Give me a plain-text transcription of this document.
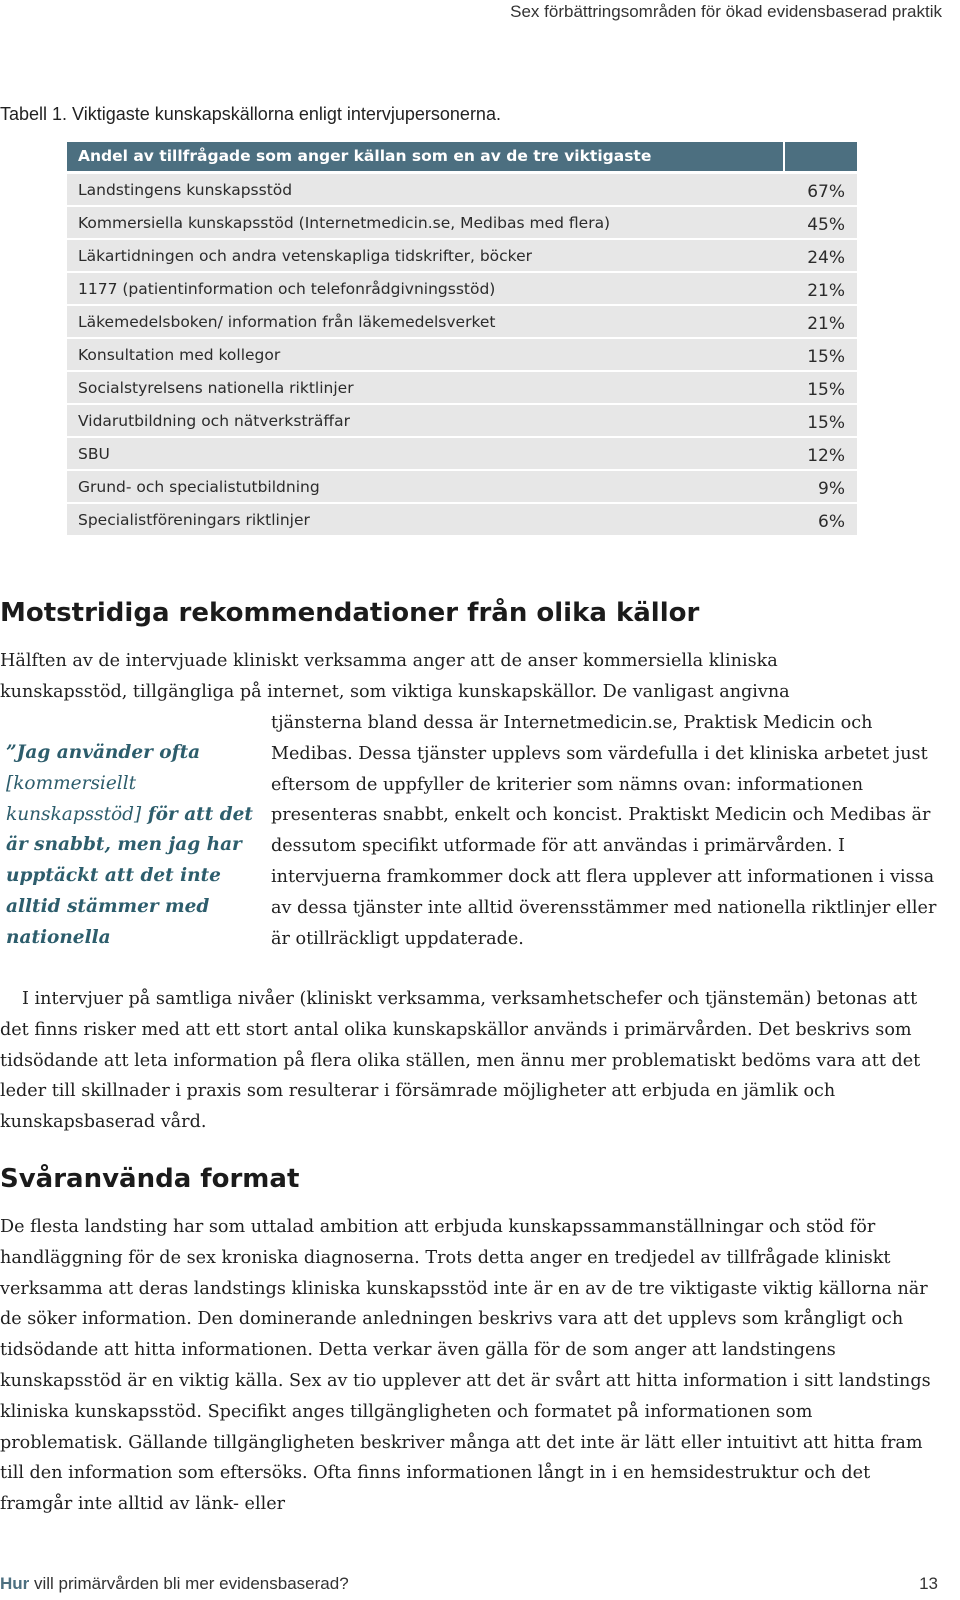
Sex förbättringsområden för ökad evidensbaserad praktik
Tabell 1. Viktigaste kunskapskällorna enligt intervjupersonerna.
Andel av tillfrågade som anger källan som en av de tre viktigaste
Landstingens kunskapsstöd	67%
Kommersiella kunskapsstöd (Internetmedicin.se, Medibas med flera)	45%
Läkartidningen och andra vetenskapliga tidskrifter, böcker	24%
1177 (patientinformation och telefonrådgivningsstöd)	21%
Läkemedelsboken/ information från läkemedelsverket	21%
Konsultation med kollegor	15%
Socialstyrelsens nationella riktlinjer	15%
Vidarutbildning och nätverksträffar	15%
SBU	12%
Grund- och specialistutbildning	9%
Specialistföreningars riktlinjer	6%
Motstridiga rekommendationer från olika källor

Hälften av de intervjuade kliniskt verksamma anger att de anser kommersiella kliniska

kunskapsstöd, tillgängliga på internet, som viktiga kunskapskällor. De vanligast angivna

tjänsterna bland dessa är Internetmedicin.se, Praktisk Medicin och Medibas. Dessa tjänster upplevs som värdefulla i det kliniska arbetet just eftersom de uppfyller de kriterier som nämns ovan: informationen presenteras snabbt, enkelt och koncist. Praktiskt Medicin och Medibas är dessutom specifikt utformade för att användas i primärvården. I intervjuerna framkommer dock att flera upplever att informationen i vissa av dessa tjänster inte alltid överensstämmer med nationella riktlinjer eller är otillräckligt uppdaterade.

”Jag använder ofta [kommersiellt kunskapsstöd] för att det är snabbt, men jag har upptäckt att det inte alltid stämmer med nationella

I intervjuer på samtliga nivåer (kliniskt verksamma, verksamhetschefer och tjänstemän) betonas att det finns risker med att ett stort antal olika kunskapskällor används i primärvården. Det beskrivs som tidsödande att leta information på flera olika ställen, men ännu mer problematiskt bedöms vara att det leder till skillnader i praxis som resulterar i försämrade möjligheter att erbjuda en jämlik och kunskapsbaserad vård.

Svåranvända format

De flesta landsting har som uttalad ambition att erbjuda kunskapssammanställningar och stöd för handläggning för de sex kroniska diagnoserna. Trots detta anger en tredjedel av tillfrågade kliniskt verksamma att deras landstings kliniska kunskapsstöd inte är en av de tre viktigaste viktig källorna när de söker information. Den dominerande anledningen beskrivs vara att det upplevs som krångligt och tidsödande att hitta informationen. Detta verkar även gälla för de som anger att landstingens kunskapsstöd är en viktig källa. Sex av tio upplever att det är svårt att hitta information i sitt landstings kliniska kunskapsstöd. Specifikt anges tillgängligheten och formatet på informationen som problematisk. Gällande tillgängligheten beskriver många att det inte är lätt eller intuitivt att hitta fram till den information som eftersöks. Ofta finns informationen långt in i en hemsidestruktur och det framgår inte alltid av länk- eller

Hur vill primärvården bli mer evidensbaserad?	13
